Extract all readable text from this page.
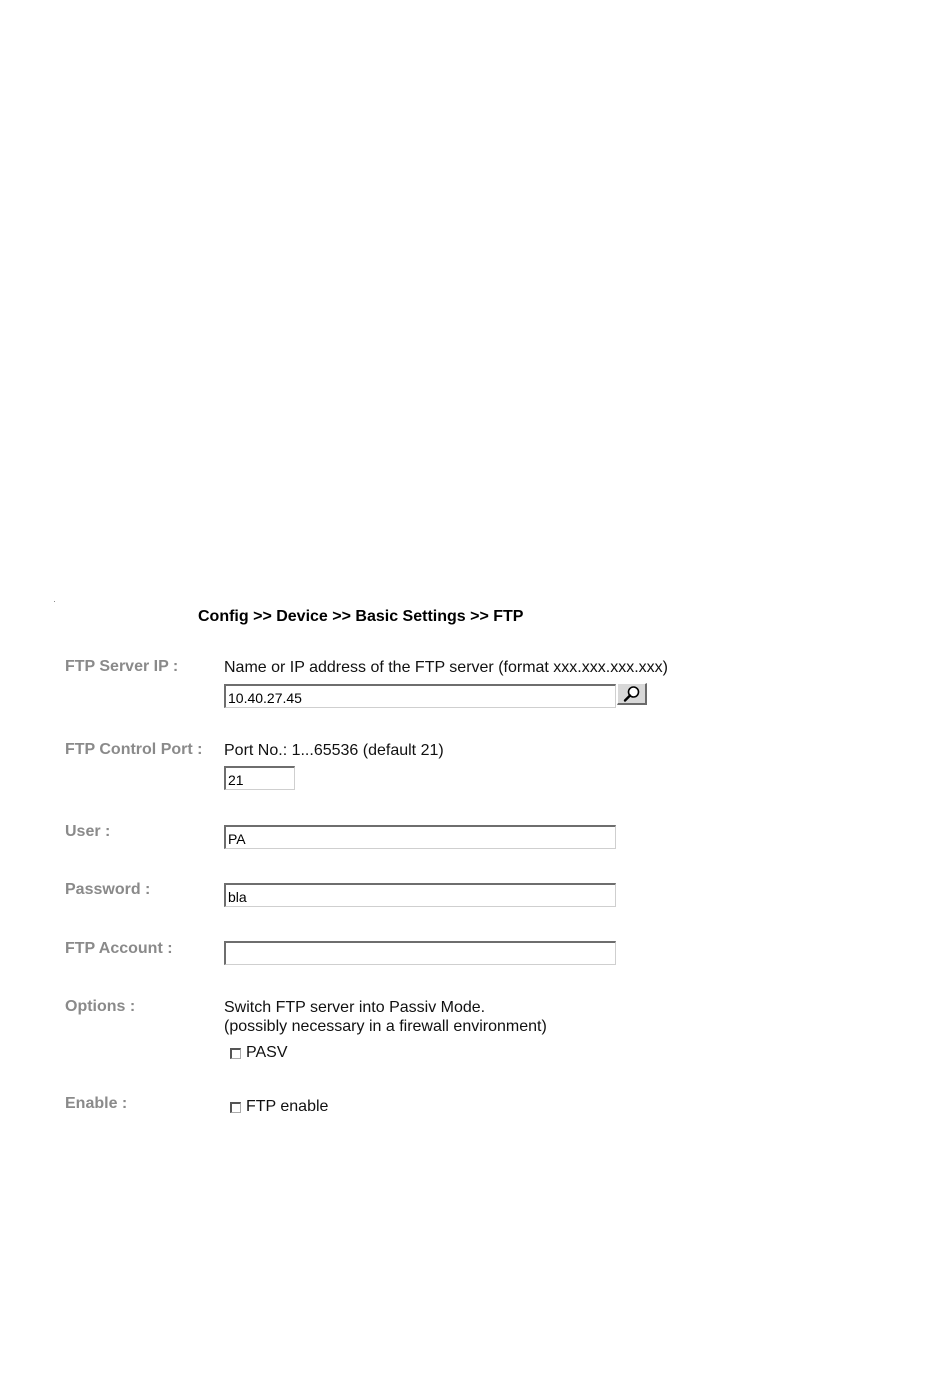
Config >> Device >> Basic Settings >> FTP
FTP Server IP :	Name or IP address of the FTP server (format xxx.xxx.xxx.xxx)
10.40.27.45
FTP Control Port : Port No.: 1...65536 (default 21)
21
User :
PA
Password :
bla
FTP Account :
Options :	Switch FTP server into Passiv Mode.
(possibly necessary in a firewall environment)
PASV
Enable :	FTP enable
